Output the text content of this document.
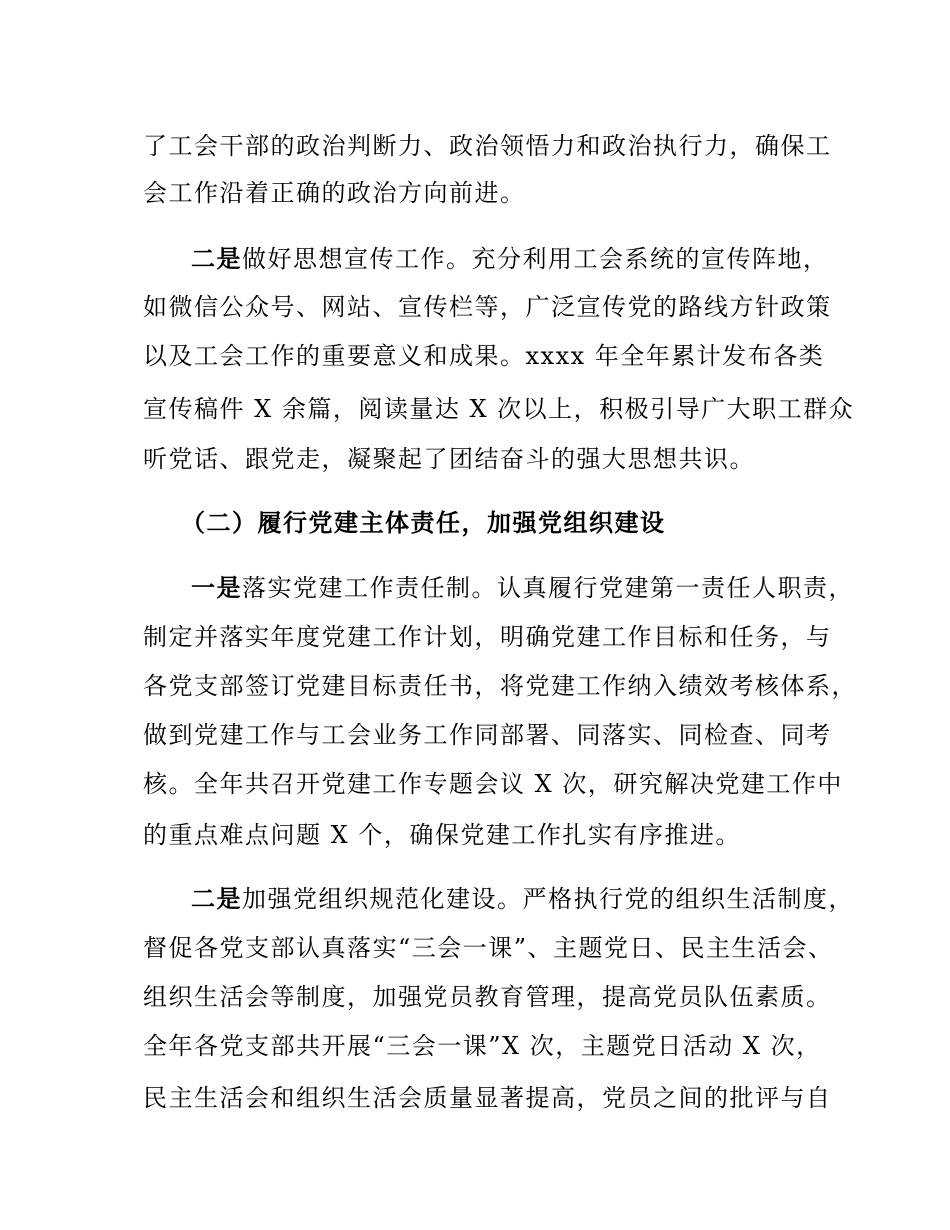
了工会干部的政治判断力、政治领悟力和政治执行力，确保工
会工作沿着正确的政治方向前进。
二是做好思想宣传工作。充分利用工会系统的宣传阵地，
如微信公众号、网站、宣传栏等，广泛宣传党的路线方针政策
以及工会工作的重要意义和成果。xxxx 年全年累计发布各类
宣传稿件 X 余篇，阅读量达 X 次以上，积极引导广大职工群众
听党话、跟党走，凝聚起了团结奋斗的强大思想共识。
（二）履行党建主体责任，加强党组织建设
一是落实党建工作责任制。认真履行党建第一责任人职责，
制定并落实年度党建工作计划，明确党建工作目标和任务，与
各党支部签订党建目标责任书，将党建工作纳入绩效考核体系，
做到党建工作与工会业务工作同部署、同落实、同检查、同考
核。全年共召开党建工作专题会议 X 次，研究解决党建工作中
的重点难点问题 X 个，确保党建工作扎实有序推进。
二是加强党组织规范化建设。严格执行党的组织生活制度，
督促各党支部认真落实“三会一课”、主题党日、民主生活会、
组织生活会等制度，加强党员教育管理，提高党员队伍素质。
全年各党支部共开展“三会一课”X 次，主题党日活动 X 次，
民主生活会和组织生活会质量显著提高，党员之间的批评与自
